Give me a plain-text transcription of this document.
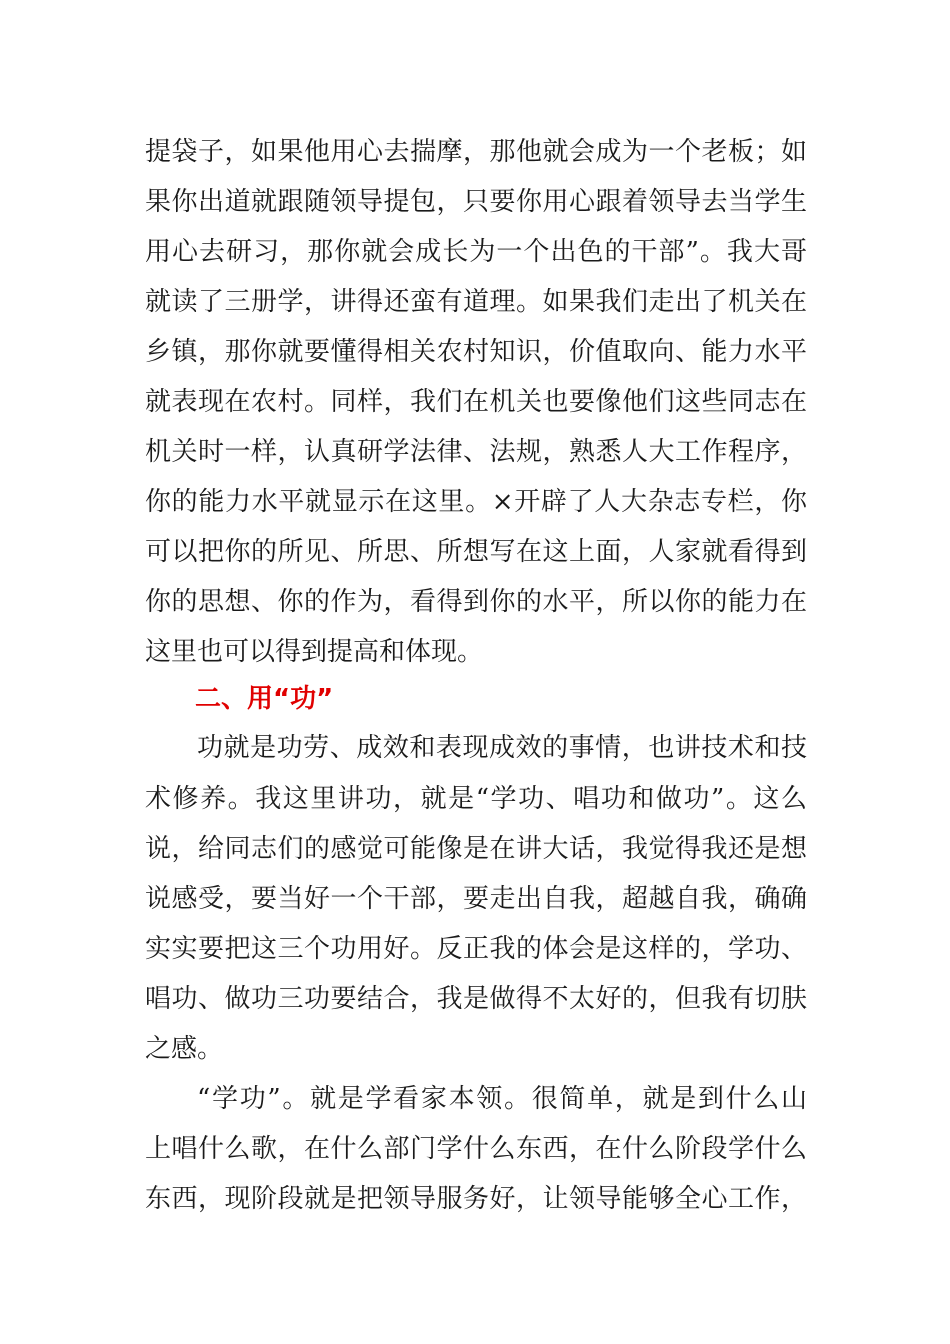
提袋子，如果他用心去揣摩，那他就会成为一个老板；如
果你出道就跟随领导提包，只要你用心跟着领导去当学生
用心去研习，那你就会成长为一个出色的干部”。我大哥
就读了三册学，讲得还蛮有道理。如果我们走出了机关在
乡镇，那你就要懂得相关农村知识，价值取向、能力水平
就表现在农村。同样，我们在机关也要像他们这些同志在
机关时一样，认真研学法律、法规，熟悉人大工作程序，
你的能力水平就显示在这里。×开辟了人大杂志专栏，你
可以把你的所见、所思、所想写在这上面，人家就看得到
你的思想、你的作为，看得到你的水平，所以你的能力在
这里也可以得到提高和体现。
二、用“功”
功就是功劳、成效和表现成效的事情，也讲技术和技
术修养。我这里讲功，就是“学功、唱功和做功”。这么
说，给同志们的感觉可能像是在讲大话，我觉得我还是想
说感受，要当好一个干部，要走出自我，超越自我，确确
实实要把这三个功用好。反正我的体会是这样的，学功、
唱功、做功三功要结合，我是做得不太好的，但我有切肤
之感。
“学功”。就是学看家本领。很简单，就是到什么山
上唱什么歌，在什么部门学什么东西，在什么阶段学什么
东西，现阶段就是把领导服务好，让领导能够全心工作，
